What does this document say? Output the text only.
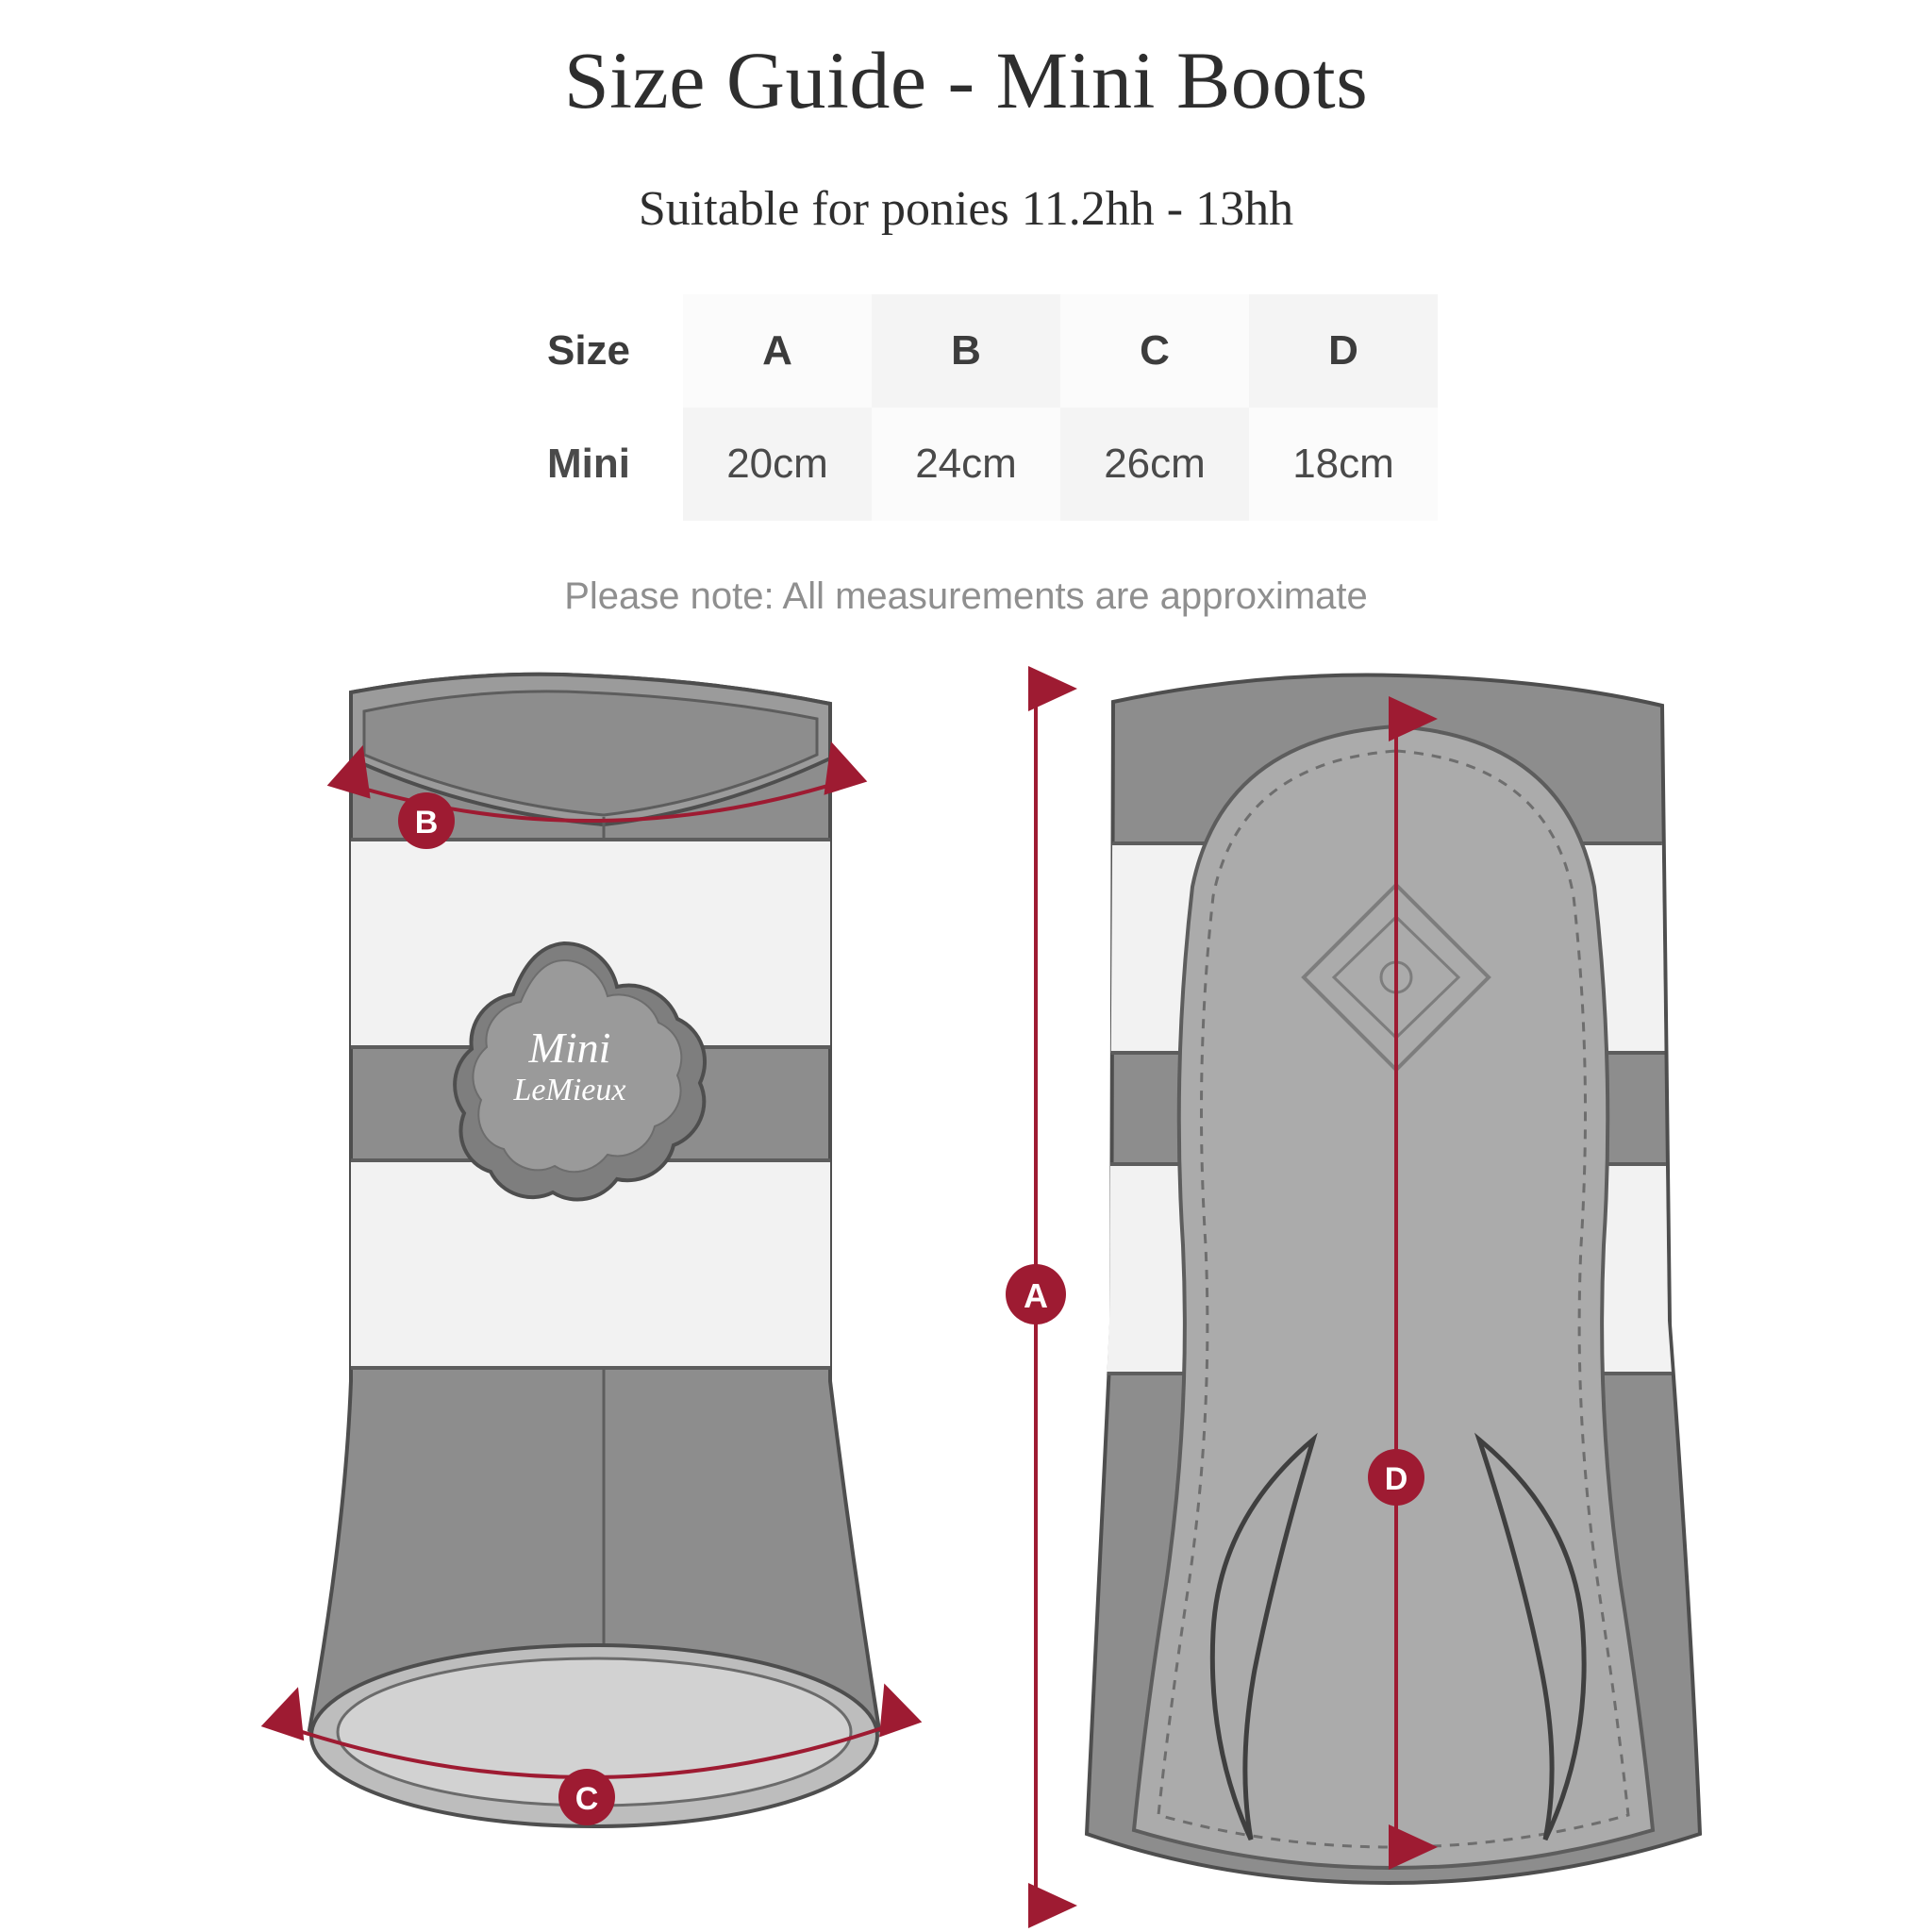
Size Guide - Mini Boots
Suitable for ponies 11.2hh - 13hh
Size	A	B	C	D
Mini	20cm	24cm	26cm	18cm
Please note: All measurements are approximate
Mini
LeMieux
B
C
A
D
